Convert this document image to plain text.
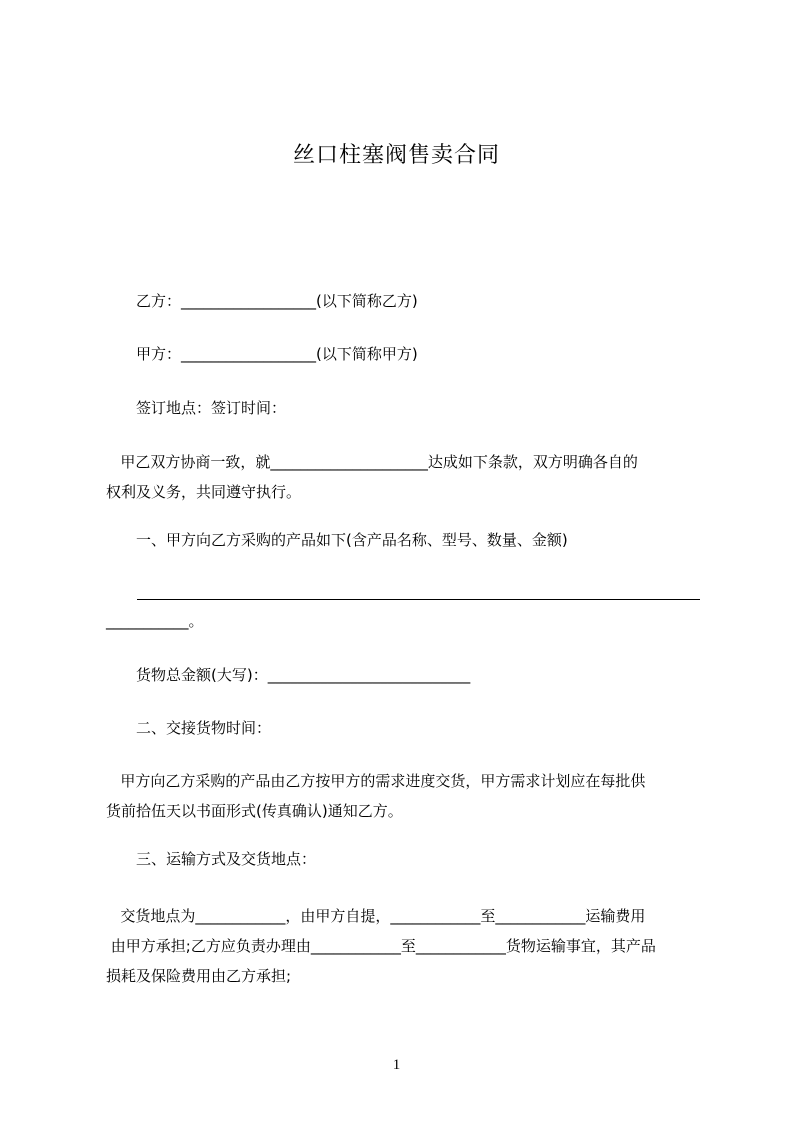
丝口柱塞阀售卖合同
乙方：__________________(以下简称乙方)
甲方：__________________(以下简称甲方)
签订地点：签订时间：
甲乙双方协商一致，就_____________________达成如下条款，双方明确各自的
权利及义务，共同遵守执行。
一、甲方向乙方采购的产品如下(含产品名称、型号、数量、金额)
___________。
货物总金额(大写)：___________________________
二、交接货物时间：
甲方向乙方采购的产品由乙方按甲方的需求进度交货，甲方需求计划应在每批供
货前拾伍天以书面形式(传真确认)通知乙方。
三、运输方式及交货地点：
交货地点为____________，由甲方自提，____________至____________运输费用
由甲方承担;乙方应负责办理由____________至____________货物运输事宜，其产品
损耗及保险费用由乙方承担;
1
